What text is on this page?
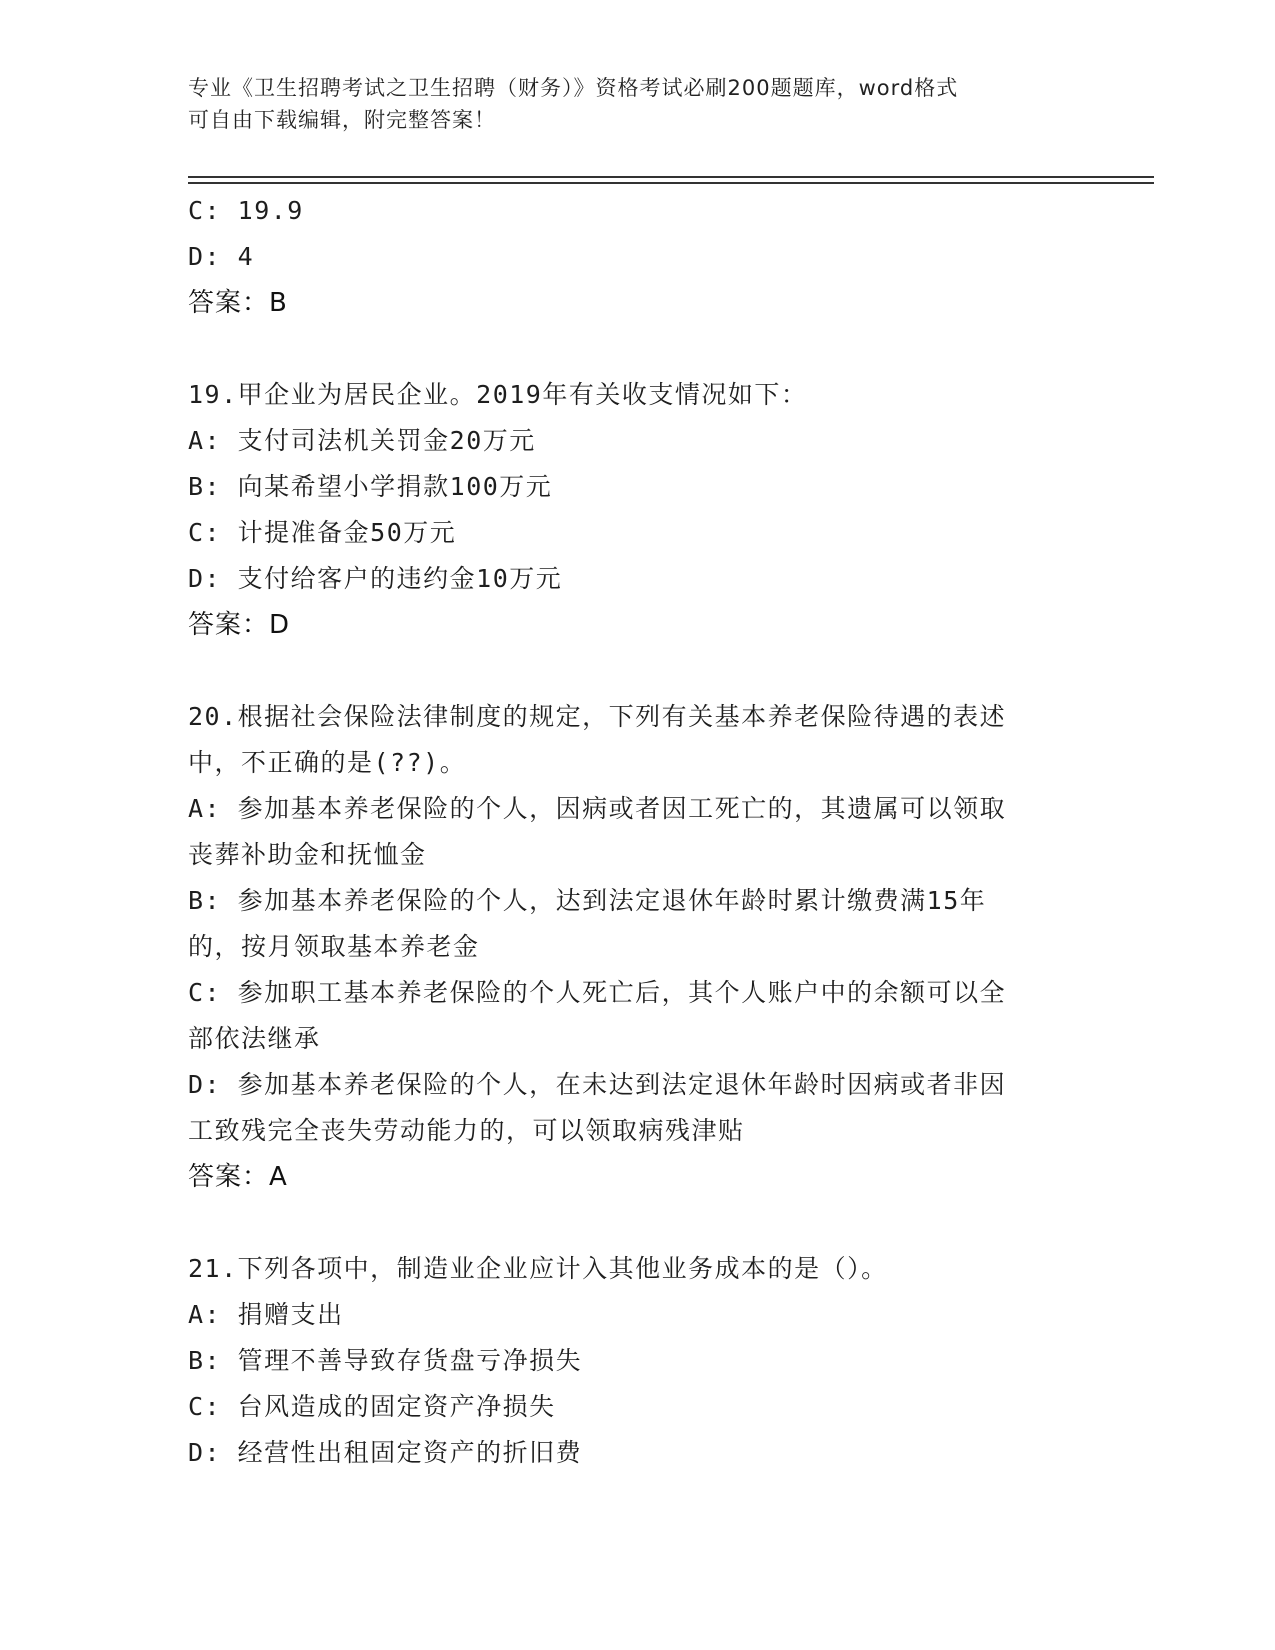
专业《卫生招聘考试之卫生招聘（财务）》资格考试必刷200题题库，word格式
可自由下载编辑，附完整答案！
C: 19.9
D: 4
答案：B
19.甲企业为居民企业。2019年有关收支情况如下：
A: 支付司法机关罚金20万元
B: 向某希望小学捐款100万元
C: 计提准备金50万元
D: 支付给客户的违约金10万元
答案：D
20.根据社会保险法律制度的规定，下列有关基本养老保险待遇的表述
中，不正确的是(??)。
A: 参加基本养老保险的个人，因病或者因工死亡的，其遗属可以领取
丧葬补助金和抚恤金
B: 参加基本养老保险的个人，达到法定退休年龄时累计缴费满15年
的，按月领取基本养老金
C: 参加职工基本养老保险的个人死亡后，其个人账户中的余额可以全
部依法继承
D: 参加基本养老保险的个人，在未达到法定退休年龄时因病或者非因
工致残完全丧失劳动能力的，可以领取病残津贴
答案：A
21.下列各项中，制造业企业应计入其他业务成本的是（）。
A: 捐赠支出
B: 管理不善导致存货盘亏净损失
C: 台风造成的固定资产净损失
D: 经营性出租固定资产的折旧费
